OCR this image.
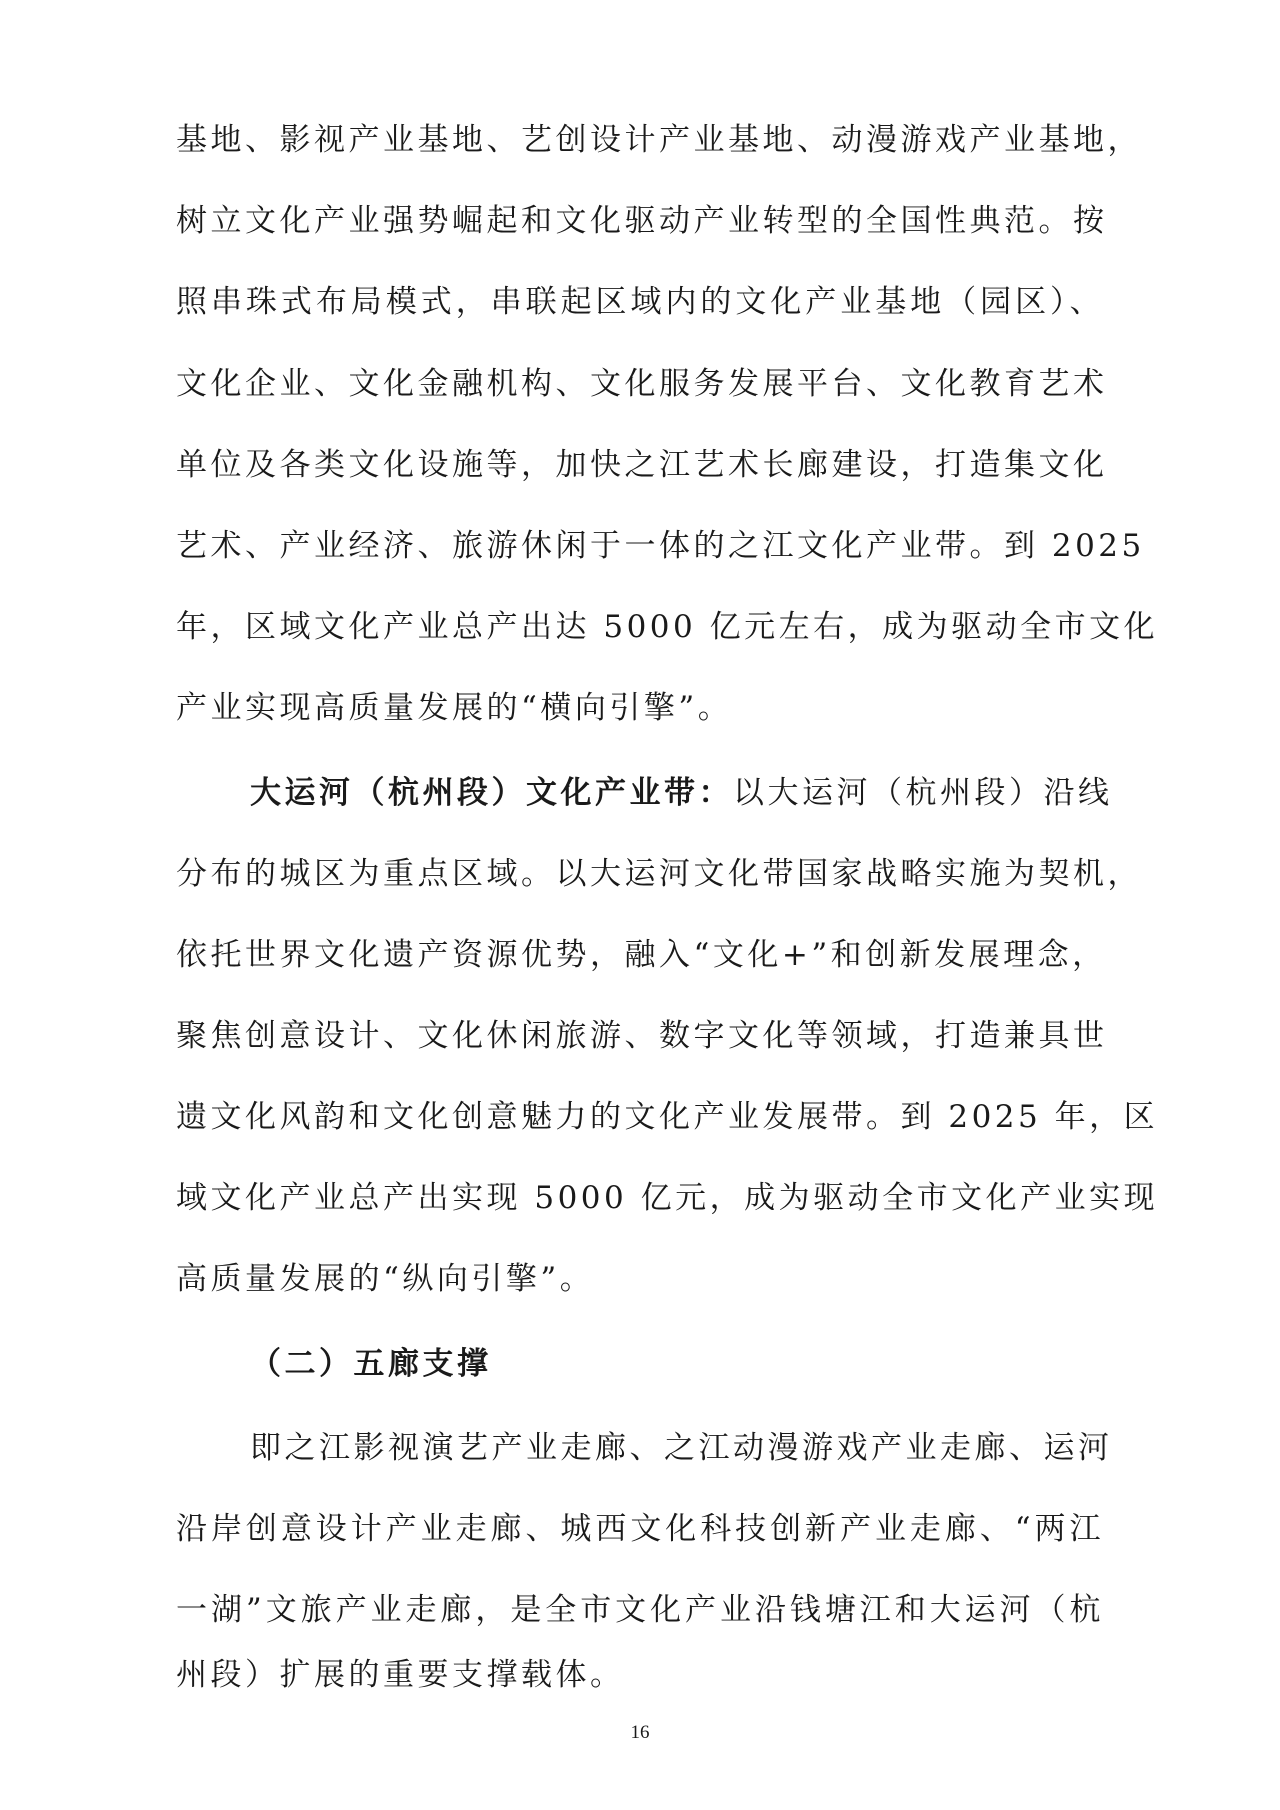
基地、影视产业基地、艺创设计产业基地、动漫游戏产业基地，
树立文化产业强势崛起和文化驱动产业转型的全国性典范。按
照串珠式布局模式，串联起区域内的文化产业基地（园区）、
文化企业、文化金融机构、文化服务发展平台、文化教育艺术
单位及各类文化设施等，加快之江艺术长廊建设，打造集文化
艺术、产业经济、旅游休闲于一体的之江文化产业带。到 2025
年，区域文化产业总产出达 5000 亿元左右，成为驱动全市文化
产业实现高质量发展的“横向引擎”。
大运河（杭州段）文化产业带：以大运河（杭州段）沿线
分布的城区为重点区域。以大运河文化带国家战略实施为契机，
依托世界文化遗产资源优势，融入“文化+”和创新发展理念，
聚焦创意设计、文化休闲旅游、数字文化等领域，打造兼具世
遗文化风韵和文化创意魅力的文化产业发展带。到 2025 年，区
域文化产业总产出实现 5000 亿元，成为驱动全市文化产业实现
高质量发展的“纵向引擎”。
（二）五廊支撑
即之江影视演艺产业走廊、之江动漫游戏产业走廊、运河
沿岸创意设计产业走廊、城西文化科技创新产业走廊、“两江
一湖”文旅产业走廊，是全市文化产业沿钱塘江和大运河（杭
州段）扩展的重要支撑载体。
16
